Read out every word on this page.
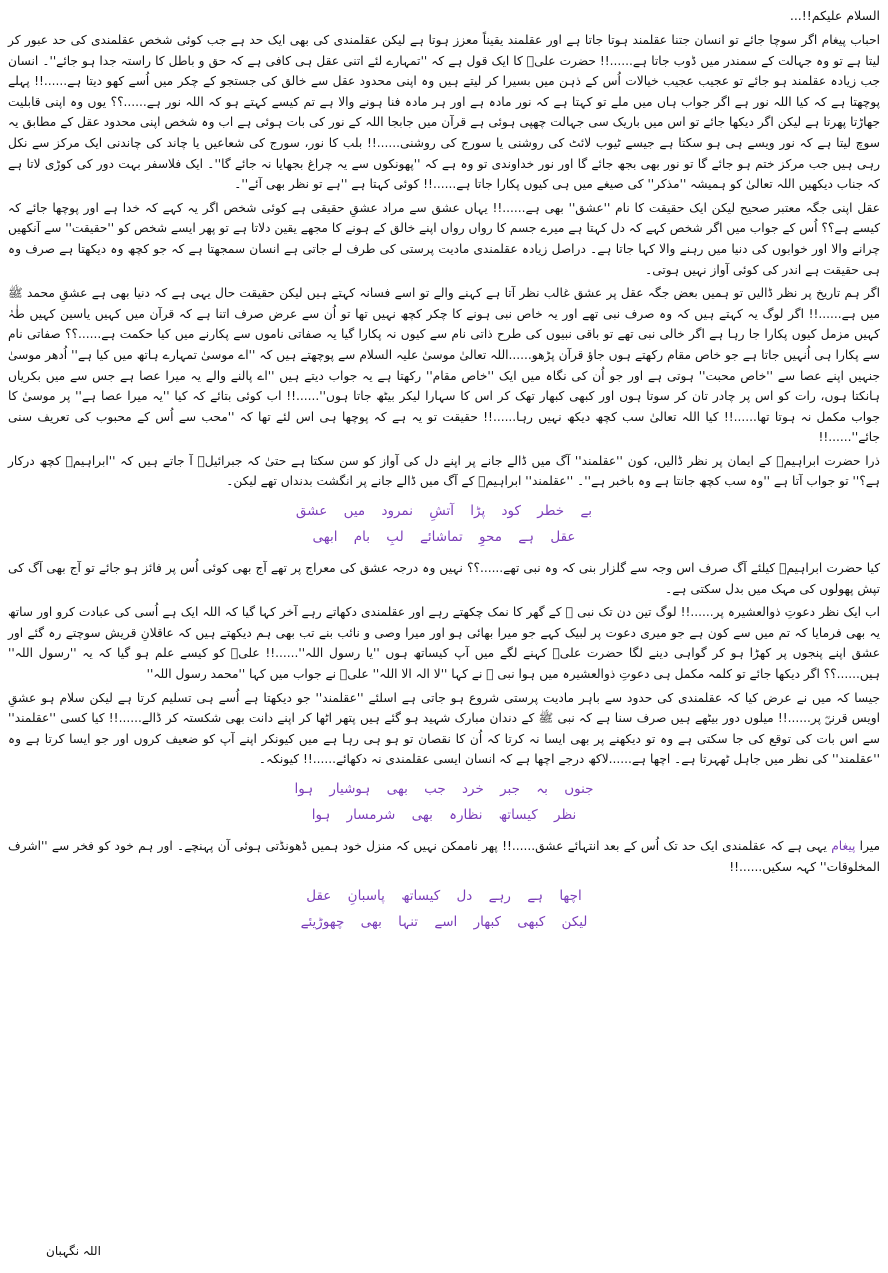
السلام علیکم!!...

احباب پیغام اگر سوچا جائے تو انسان جتنا عقلمند ہوتا جاتا ہے اور عقلمند یقیناً معزز ہوتا ہے لیکن عقلمندی کی بھی ایک حد ہے جب کوئی شخص عقلمندی کی حد عبور کر لیتا ہے تو وہ جہالت کے سمندر میں ڈوب جاتا ہے......!! حضرت علیؑ کا ایک قول ہے کہ ''تمہارے لئے اتنی عقل ہی کافی ہے کہ حق و باطل کا راستہ جدا ہو جائے''۔ انسان جب زیادہ عقلمند ہو جائے تو عجیب عجیب خیالات اُس کے ذہن میں بسیرا کر لیتے ہیں وہ اپنی محدود عقل سے خالق کی جستجو کے چکر میں اُسے کھو دیتا ہے......!! پہلے پوچھتا ہے کہ کیا اللہ نور ہے اگر جواب ہاں میں ملے تو کہتا ہے کہ نور مادہ ہے اور ہر مادہ فنا ہونے والا ہے تم کیسے کہتے ہو کہ اللہ نور ہے......؟؟ یوں وہ اپنی قابلیت جھاڑتا پھرتا ہے لیکن اگر دیکھا جائے تو اس میں باریک سی جہالت چھپی ہوئی ہے قرآن میں جابجا اللہ کے نور کی بات ہوئی ہے اب وہ شخص اپنی محدود عقل کے مطابق یہ سوچ لیتا ہے کہ نور ویسے ہی ہو سکتا ہے جیسے ٹیوب لائٹ کی روشنی یا سورج کی روشنی......!! بلب کا نور، سورج کی شعاعیں یا چاند کی چاندنی ایک مرکز سے نکل رہی ہیں جب مرکز ختم ہو جائے گا تو نور بھی بجھ جائے گا اور نور خداوندی تو وہ ہے کہ ''پھونکوں سے یہ چراغ بجھایا نہ جائے گا''۔ ایک فلاسفر بہت دور کی کوڑی لاتا ہے کہ جناب دیکھیں اللہ تعالیٰ کو ہمیشہ ''مذکر'' کی صیغے میں ہی کیوں پکارا جاتا ہے......!! کوئی کہتا ہے ''ہے تو نظر بھی آئے''۔

عقل اپنی جگہ معتبر صحیح لیکن ایک حقیقت کا نام ''عشق'' بھی ہے......!! یہاں عشق سے مراد عشقِ حقیقی ہے کوئی شخص اگر یہ کہے کہ خدا ہے اور پوچھا جائے کہ کیسے ہے؟؟ اُس کے جواب میں اگر شخص کہے کہ دل کہتا ہے میرے جسم کا رواں رواں اپنے خالق کے ہونے کا مجھے یقین دلاتا ہے تو پھر ایسے شخص کو ''حقیقت'' سے آنکھیں چرانے والا اور خوابوں کی دنیا میں رہنے والا کہا جاتا ہے۔ دراصل زیادہ عقلمندی مادیت پرستی کی طرف لے جاتی ہے انسان سمجھتا ہے کہ جو کچھ وہ دیکھتا ہے صرف وہ ہی حقیقت ہے اندر کی کوئی آواز نہیں ہوتی۔

اگر ہم تاریخ پر نظر ڈالیں تو ہمیں بعض جگہ عقل پر عشق غالب نظر آتا ہے کہنے والے تو اسے فسانہ کہتے ہیں لیکن حقیقت حال یہی ہے کہ دنیا بھی ہے عشقِ محمد ﷺ میں ہے......!! اگر لوگ یہ کہتے ہیں کہ وہ صرف نبی تھے اور یہ خاص نبی ہونے کا چکر کچھ نہیں تھا تو اُن سے عرض صرف اتنا ہے کہ قرآن میں کہیں یاسین کہیں طٰہٰ کہیں مزمل کیوں پکارا جا رہا ہے اگر خالی نبی تھے تو باقی نبیوں کی طرح ذاتی نام سے کیوں نہ پکارا گیا یہ صفاتی ناموں سے پکارنے میں کیا حکمت ہے......؟؟ صفاتی نام سے پکارا ہی اُنہیں جاتا ہے جو خاص مقام رکھتے ہوں جاؤ قرآن پڑھو......اللہ تعالیٰ موسیٰ علیہ السلام سے پوچھتے ہیں کہ ''اے موسیٰ تمہارے ہاتھ میں کیا ہے'' اُدھر موسیٰ جنہیں اپنے عصا سے ''خاص محبت'' ہوتی ہے اور جو اُن کی نگاہ میں ایک ''خاص مقام'' رکھتا ہے یہ جواب دیتے ہیں ''اے پالنے والے یہ میرا عصا ہے جس سے میں بکریاں ہانکتا ہوں، رات کو اس پر چادر تان کر سوتا ہوں اور کبھی کبھار تھک کر اس کا سہارا لیکر بیٹھ جاتا ہوں''......!! اب کوئی بتائے کہ کیا ''یہ میرا عصا ہے'' پر موسیٰ کا جواب مکمل نہ ہوتا تھا......!! کیا اللہ تعالیٰ سب کچھ دیکھ نہیں رہا......!! حقیقت تو یہ ہے کہ پوچھا ہی اس لئے تھا کہ ''محب سے اُس کے محبوب کی تعریف سنی جائے''......!!

ذرا حضرت ابراہیمؑ کے ایمان پر نظر ڈالیں، کون ''عقلمند'' آگ میں ڈالے جانے پر اپنے دل کی آواز کو سن سکتا ہے حتیٰ کہ جبرائیلؑ آ جاتے ہیں کہ ''ابراہیمؑ کچھ درکار ہے؟'' تو جواب آتا ہے ''وہ سب کچھ جانتا ہے وہ باخبر ہے''۔ ''عقلمند'' ابراہیمؑ کے آگ میں ڈالے جانے پر انگشت بدنداں تھے لیکن۔

بے خطر کود پڑا آتشِ نمرود میں عشق
عقل ہے محوِ تماشائے لبِ بام ابھی

کیا حضرت ابراہیمؑ کیلئے آگ صرف اس وجہ سے گلزار بنی کہ وہ نبی تھے......؟؟ نہیں وہ درجہ عشق کی معراج پر تھے آج بھی کوئی اُس پر فائز ہو جائے تو آج بھی آگ کی تپش پھولوں کی مہک میں بدل سکتی ہے۔

اب ایک نظر دعوتِ ذوالعشیرہ پر......!! لوگ تین دن تک نبی ﷺ کے گھر کا نمک چکھتے رہے اور عقلمندی دکھاتے رہے آخر کہا گیا کہ اللہ ایک ہے اُسی کی عبادت کرو اور ساتھ یہ بھی فرمایا کہ تم میں سے کون ہے جو میری دعوت پر لبیک کہے جو میرا بھائی ہو اور میرا وصی و نائب بنے تب بھی ہم دیکھتے ہیں کہ عاقلانِ قریش سوچتے رہ گئے اور عشق اپنے پنجوں پر کھڑا ہو کر گواہی دینے لگا حضرت علیؑ کہنے لگے میں آپ کیساتھ ہوں ''یا رسول اللہ''......!! علیؑ کو کیسے علم ہو گیا کہ یہ ''رسول اللہ'' ہیں......؟؟ اگر دیکھا جائے تو کلمہ مکمل ہی دعوتِ ذوالعشیرہ میں ہوا نبی ﷺ نے کہا ''لا الہ الا اللہ'' علیؑ نے جواب میں کہا ''محمد رسول اللہ''

جیسا کہ میں نے عرض کیا کہ عقلمندی کی حدود سے باہر مادیت پرستی شروع ہو جاتی ہے اسلئے ''عقلمند'' جو دیکھتا ہے اُسے ہی تسلیم کرتا ہے لیکن سلام ہو عشقِ اویس قرنیؓ پر......!! میلوں دور بیٹھے ہیں صرف سنا ہے کہ نبی ﷺ کے دندان مبارک شہید ہو گئے ہیں پتھر اٹھا کر اپنے دانت بھی شکستہ کر ڈالے......!! کیا کسی ''عقلمند'' سے اس بات کی توقع کی جا سکتی ہے وہ تو دیکھنے پر بھی ایسا نہ کرتا کہ اُن کا نقصان تو ہو ہی رہا ہے میں کیونکر اپنے آپ کو ضعیف کروں اور جو ایسا کرتا ہے وہ ''عقلمند'' کی نظر میں جاہل ٹھہرتا ہے۔ اچھا ہے......لاکھ درجے اچھا ہے کہ انسان ایسی عقلمندی نہ دکھائے......!! کیونکہ۔

جنوں بہ جبر خرد جب بھی ہوشیار ہوا
نظر کیساتھ نظارہ بھی شرمسار ہوا

میرا پیغام یہی ہے کہ عقلمندی ایک حد تک اُس کے بعد انتہائے عشق......!! پھر ناممکن نہیں کہ منزل خود ہمیں ڈھونڈتی ہوئی آن پہنچے۔ اور ہم خود کو فخر سے ''اشرف المخلوقات'' کہہ سکیں......!!

اچھا ہے رہے دل کیساتھ پاسبانِ عقل
لیکن کبھی کبھار اسے تنہا بھی چھوڑیئے
اللہ نگہبان
